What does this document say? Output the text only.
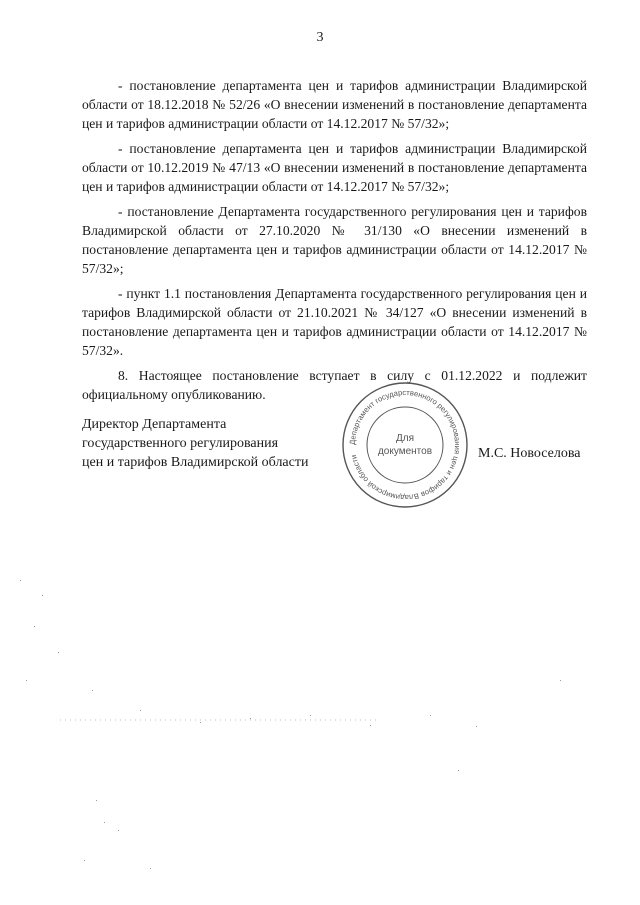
3

- постановление департамента цен и тарифов администрации Владимирской области от 18.12.2018 № 52/26 «О внесении изменений в постановление департамента цен и тарифов администрации области от 14.12.2017 № 57/32»;

- постановление департамента цен и тарифов администрации Владимирской области от 10.12.2019 № 47/13 «О внесении изменений в постановление департамента цен и тарифов администрации области от 14.12.2017 № 57/32»;

- постановление Департамента государственного регулирования цен и тарифов Владимирской области от 27.10.2020 № 31/130 «О внесении изменений в постановление департамента цен и тарифов администрации области от 14.12.2017 № 57/32»;

- пункт 1.1 постановления Департамента государственного регулирования цен и тарифов Владимирской области от 21.10.2021 № 34/127 «О внесении изменений в постановление департамента цен и тарифов администрации области от 14.12.2017 № 57/32».

8. Настоящее постановление вступает в силу с 01.12.2022 и подлежит официальному опубликованию.

Директор Департамента
государственного регулирования
цен и тарифов Владимирской области
М.С. Новоселова
Департамент государственного регулирования цен и тарифов Владимирской области
Для
документов
